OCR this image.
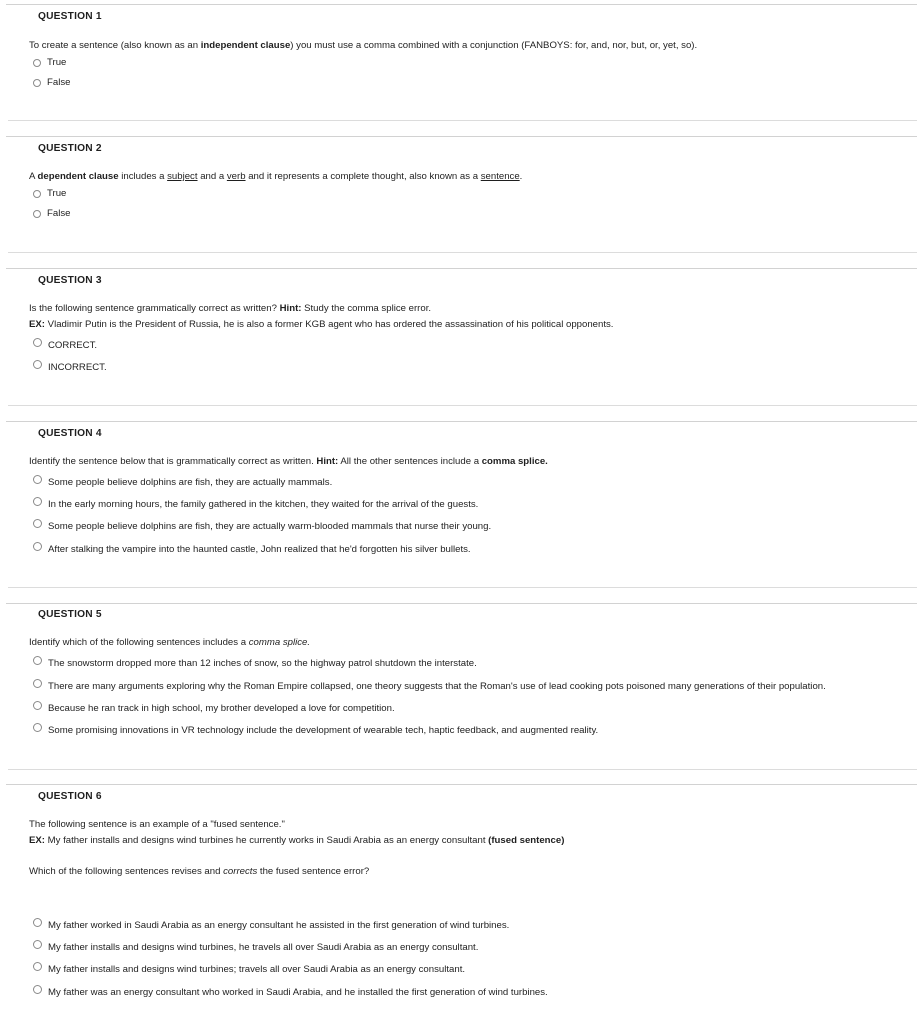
QUESTION 1
To create a sentence (also known as an independent clause) you must use a comma combined with a conjunction (FANBOYS: for, and, nor, but, or, yet, so).
True
False
QUESTION 2
A dependent clause includes a subject and a verb and it represents a complete thought, also known as a sentence.
True
False
QUESTION 3
Is the following sentence grammatically correct as written? Hint: Study the comma splice error.
EX: Vladimir Putin is the President of Russia, he is also a former KGB agent who has ordered the assassination of his political opponents.
CORRECT.
INCORRECT.
QUESTION 4
Identify the sentence below that is grammatically correct as written. Hint: All the other sentences include a comma splice.
Some people believe dolphins are fish, they are actually mammals.
In the early morning hours, the family gathered in the kitchen, they waited for the arrival of the guests.
Some people believe dolphins are fish, they are actually warm-blooded mammals that nurse their young.
After stalking the vampire into the haunted castle, John realized that he'd forgotten his silver bullets.
QUESTION 5
Identify which of the following sentences includes a comma splice.
The snowstorm dropped more than 12 inches of snow, so the highway patrol shutdown the interstate.
There are many arguments exploring why the Roman Empire collapsed, one theory suggests that the Roman's use of lead cooking pots poisoned many generations of their population.
Because he ran track in high school, my brother developed a love for competition.
Some promising innovations in VR technology include the development of wearable tech, haptic feedback, and augmented reality.
QUESTION 6
The following sentence is an example of a "fused sentence."
EX: My father installs and designs wind turbines he currently works in Saudi Arabia as an energy consultant (fused sentence)
Which of the following sentences revises and corrects the fused sentence error?
My father worked in Saudi Arabia as an energy consultant he assisted in the first generation of wind turbines.
My father installs and designs wind turbines, he travels all over Saudi Arabia as an energy consultant.
My father installs and designs wind turbines; travels all over Saudi Arabia as an energy consultant.
My father was an energy consultant who worked in Saudi Arabia, and he installed the first generation of wind turbines.
